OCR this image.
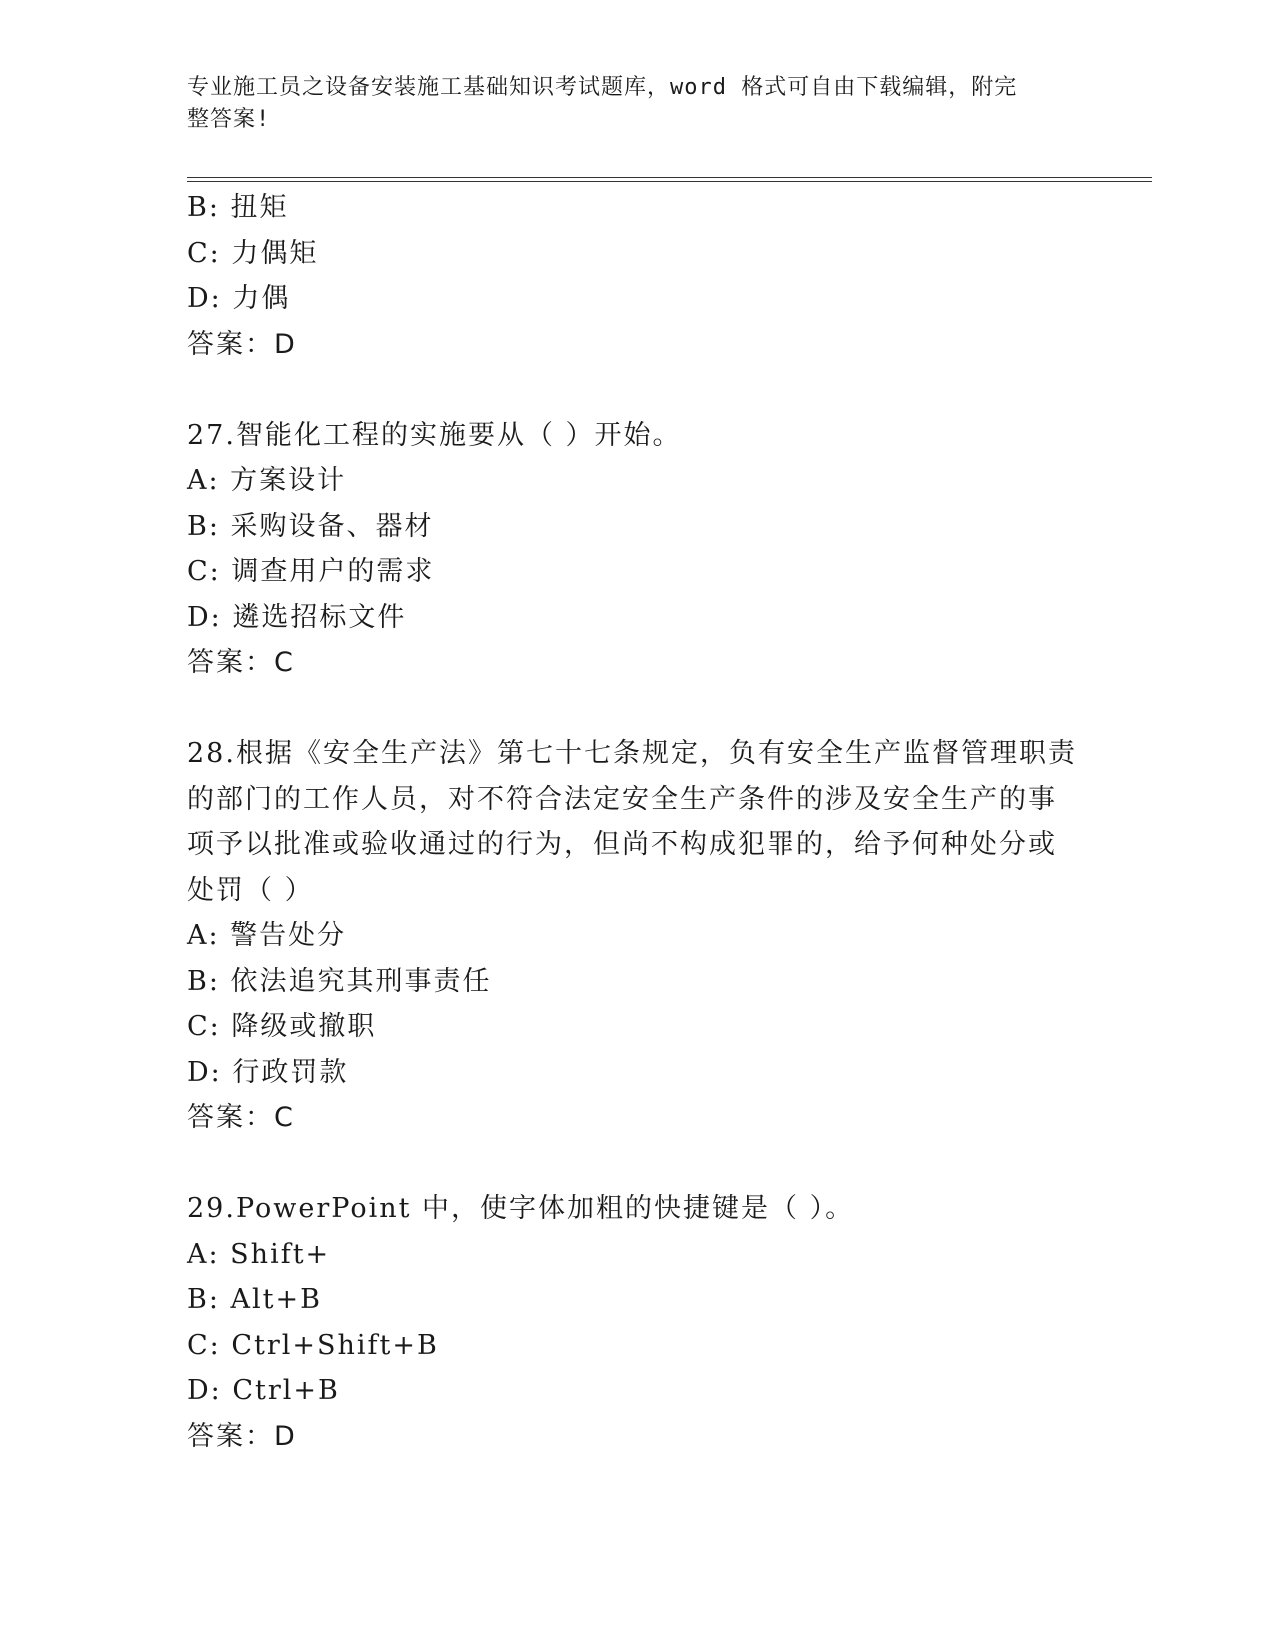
专业施工员之设备安装施工基础知识考试题库，word 格式可自由下载编辑，附完
整答案!
B: 扭矩
C: 力偶矩
D: 力偶
答案：D
27.智能化工程的实施要从（ ）开始。
A: 方案设计
B: 采购设备、器材
C: 调查用户的需求
D: 遴选招标文件
答案：C
28.根据《安全生产法》第七十七条规定，负有安全生产监督管理职责
的部门的工作人员，对不符合法定安全生产条件的涉及安全生产的事
项予以批准或验收通过的行为，但尚不构成犯罪的，给予何种处分或
处罚（ ）
A: 警告处分
B: 依法追究其刑事责任
C: 降级或撤职
D: 行政罚款
答案：C
29.PowerPoint 中，使字体加粗的快捷键是（ ）。
A: Shift+
B: Alt+B
C: Ctrl+Shift+B
D: Ctrl+B
答案：D
